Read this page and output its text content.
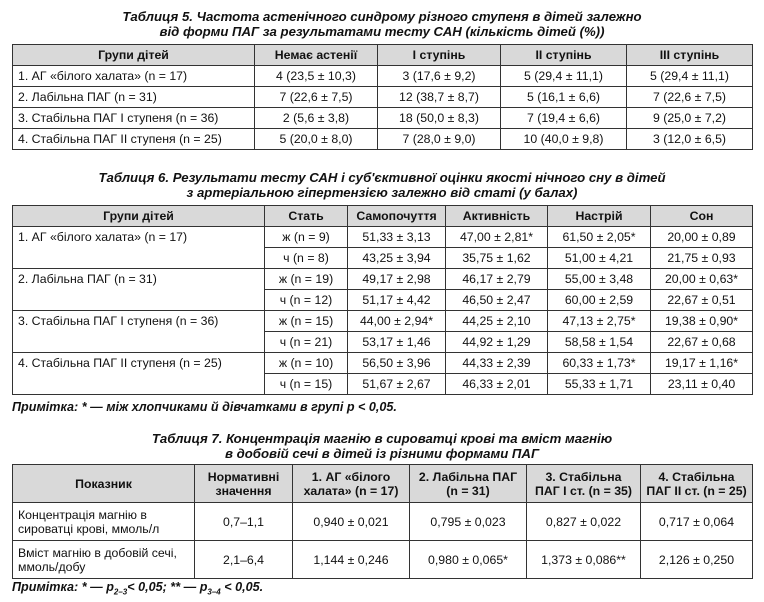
Таблиця 5. Частота астенічного синдрому різного ступеня в дітей залежно
від форми ПАГ за результатами тесту САН (кількість дітей (%))
Групи дітей	Немає астенії	I ступінь	II ступінь	III ступінь
1. АГ «білого халата» (n = 17)	4 (23,5 ± 10,3)	3 (17,6 ± 9,2)	5 (29,4 ± 11,1)	5 (29,4 ± 11,1)
2. Лабільна ПАГ (n = 31)	7 (22,6 ± 7,5)	12 (38,7 ± 8,7)	5 (16,1 ± 6,6)	7 (22,6 ± 7,5)
3. Стабільна ПАГ I ступеня (n = 36)	2 (5,6 ± 3,8)	18 (50,0 ± 8,3)	7 (19,4 ± 6,6)	9 (25,0 ± 7,2)
4. Стабільна ПАГ II ступеня (n = 25)	5 (20,0 ± 8,0)	7 (28,0 ± 9,0)	10 (40,0 ± 9,8)	3 (12,0 ± 6,5)
Таблиця 6. Результати тесту САН і суб'єктивної оцінки якості нічного сну в дітей
з артеріальною гіпертензією залежно від статі (у балах)
Групи дітей	Стать	Самопочуття	Активність	Настрій	Сон
1. АГ «білого халата» (n = 17)	ж (n = 9)	51,33 ± 3,13	47,00 ± 2,81*	61,50 ± 2,05*	20,00 ± 0,89
	ч (n = 8)	43,25 ± 3,94	35,75 ± 1,62	51,00 ± 4,21	21,75 ± 0,93
2. Лабільна ПАГ (n = 31)	ж (n = 19)	49,17 ± 2,98	46,17 ± 2,79	55,00 ± 3,48	20,00 ± 0,63*
	ч (n = 12)	51,17 ± 4,42	46,50 ± 2,47	60,00 ± 2,59	22,67 ± 0,51
3. Стабільна ПАГ I ступеня (n = 36)	ж (n = 15)	44,00 ± 2,94*	44,25 ± 2,10	47,13 ± 2,75*	19,38 ± 0,90*
	ч (n = 21)	53,17 ± 1,46	44,92 ± 1,29	58,58 ± 1,54	22,67 ± 0,68
4. Стабільна ПАГ II ступеня (n = 25)	ж (n = 10)	56,50 ± 3,96	44,33 ± 2,39	60,33 ± 1,73*	19,17 ± 1,16*
	ч (n = 15)	51,67 ± 2,67	46,33 ± 2,01	55,33 ± 1,71	23,11 ± 0,40
Примітка: * — між хлопчиками й дівчатками в групі р < 0,05.
Таблиця 7. Концентрація магнію в сироватці крові та вміст магнію
в добовій сечі в дітей із різними формами ПАГ
Показник	Нормативні значення	1. АГ «білого халата» (n = 17)	2. Лабільна ПАГ (n = 31)	3. Стабільна ПАГ I ст. (n = 35)	4. Стабільна ПАГ II ст. (n = 25)
Концентрація магнію в сироватці крові, ммоль/л	0,7–1,1	0,940 ± 0,021	0,795 ± 0,023	0,827 ± 0,022	0,717 ± 0,064
Вміст магнію в добовій сечі, ммоль/добу	2,1–6,4	1,144 ± 0,246	0,980 ± 0,065*	1,373 ± 0,086**	2,126 ± 0,250
Примітка: * — $р_{2-3}< 0,05$; ** — $р_{3-4} < 0,05$.
